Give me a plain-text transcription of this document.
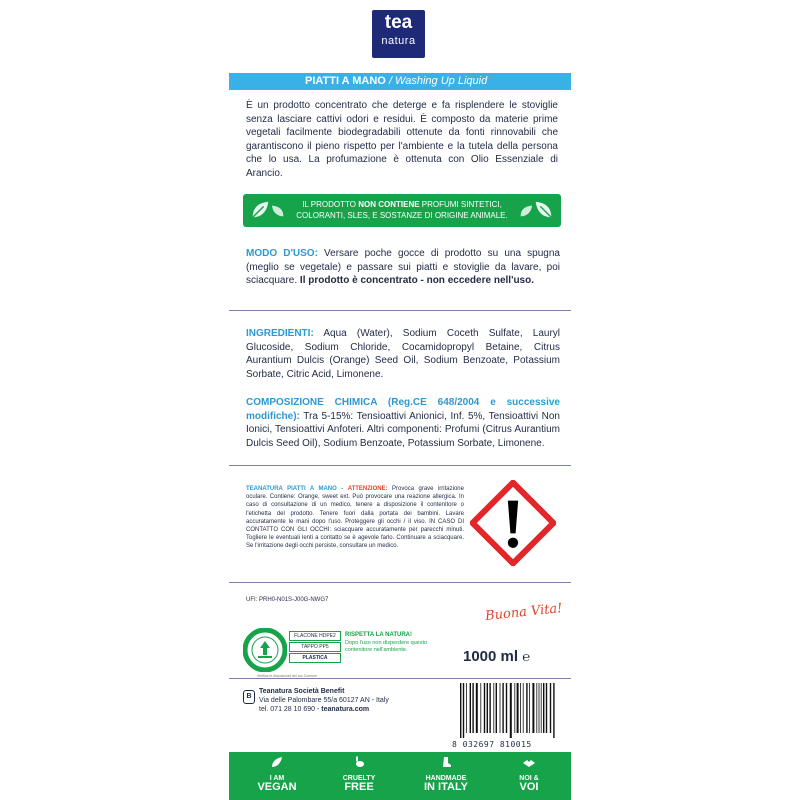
tea
natura
PIATTI A MANO / Washing Up Liquid

È un prodotto concentrato che deterge e fa risplendere le stoviglie senza lasciare cattivi odori e residui. È composto da materie prime vegetali facilmente biodegradabili ottenute da fonti rinnovabili che garantiscono il pieno rispetto per l'ambiente e la tutela della persona che lo usa. La profumazione è ottenuta con Olio Essenziale di Arancio.

IL PRODOTTO NON CONTIENE PROFUMI SINTETICI, COLORANTI, SLES, E SOSTANZE DI ORIGINE ANIMALE.

MODO D'USO: Versare poche gocce di prodotto su una spugna (meglio se vegetale) e passare sui piatti e stoviglie da lavare, poi sciacquare. Il prodotto è concentrato - non eccedere nell'uso.

INGREDIENTI: Aqua (Water), Sodium Coceth Sulfate, Lauryl Glucoside, Sodium Chloride, Cocamidopropyl Betaine, Citrus Aurantium Dulcis (Orange) Seed Oil, Sodium Benzoate, Potassium Sorbate, Citric Acid, Limonene.

COMPOSIZIONE CHIMICA (Reg.CE 648/2004 e successive modifiche): Tra 5-15%: Tensioattivi Anionici, Inf. 5%, Tensioattivi Non Ionici, Tensioattivi Anfoteri. Altri componenti: Profumi (Citrus Aurantium Dulcis Seed Oil), Sodium Benzoate, Potassium Sorbate, Limonene.

TEANATURA PIATTI A MANO - ATTENZIONE: Provoca grave irritazione oculare. Contiene: Orange, sweet ext. Può provocare una reazione allergica. In caso di consultazione di un medico, tenere a disposizione il contenitore o l'etichetta del prodotto. Tenere fuori dalla portata dei bambini. Lavare accuratamente le mani dopo l'uso. Proteggere gli occhi / il viso. IN CASO DI CONTATTO CON GLI OCCHI: sciacquare accuratamente per parecchi minuti. Togliere le eventuali lenti a contatto se è agevole farlo. Continuare a sciacquare. Se l'irritazione degli occhi persiste, consultare un medico.

UFI: PRH0-N01S-J00G-NWG7
Buona Vita!
FLACONE HDPE2
TAPPO PP5
PLASTICA
RISPETTA LA NATURA!
Dopo l'uso non disperdere questo contenitore nell'ambiente.
Verifica le disposizioni del tuo Comune
1000 ml ℮
B
Teanatura Società Benefit
Via delle Palombare 55/a 60127 AN - Italy
tel. 071 28 10 690 - teanatura.com
8 032697 810015
I AM
VEGAN
CRUELTY
FREE
HANDMADE
IN ITALY
NOI &
VOI
